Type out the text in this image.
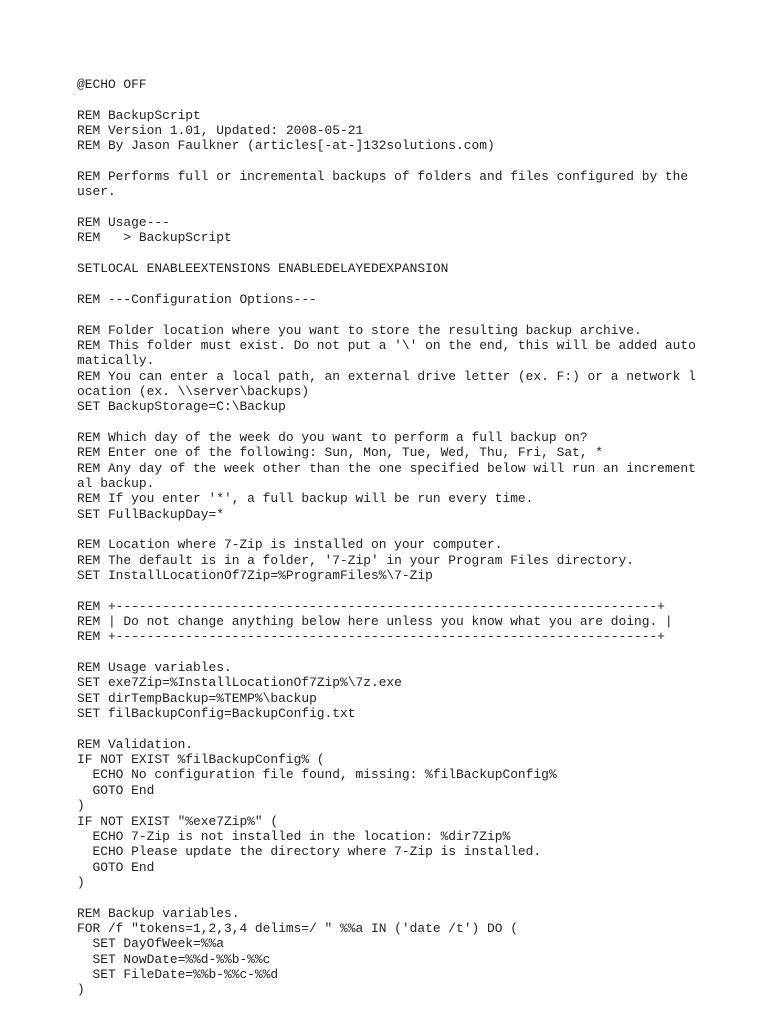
@ECHO OFF
REM BackupScript
REM Version 1.01, Updated: 2008-05-21
REM By Jason Faulkner (articles[-at-]132solutions.com)
REM Performs full or incremental backups of folders and files configured by the
user.
REM Usage---
REM   > BackupScript
SETLOCAL ENABLEEXTENSIONS ENABLEDELAYEDEXPANSION
REM ---Configuration Options---
REM Folder location where you want to store the resulting backup archive.
REM This folder must exist. Do not put a '\' on the end, this will be added auto
matically.
REM You can enter a local path, an external drive letter (ex. F:) or a network l
ocation (ex. \\server\backups)
SET BackupStorage=C:\Backup
REM Which day of the week do you want to perform a full backup on?
REM Enter one of the following: Sun, Mon, Tue, Wed, Thu, Fri, Sat, *
REM Any day of the week other than the one specified below will run an increment
al backup.
REM If you enter '*', a full backup will be run every time.
SET FullBackupDay=*
REM Location where 7-Zip is installed on your computer.
REM The default is in a folder, '7-Zip' in your Program Files directory.
SET InstallLocationOf7Zip=%ProgramFiles%\7-Zip
REM +----------------------------------------------------------------------+
REM | Do not change anything below here unless you know what you are doing. |
REM +----------------------------------------------------------------------+
REM Usage variables.
SET exe7Zip=%InstallLocationOf7Zip%\7z.exe
SET dirTempBackup=%TEMP%\backup
SET filBackupConfig=BackupConfig.txt
REM Validation.
IF NOT EXIST %filBackupConfig% (
ECHO No configuration file found, missing: %filBackupConfig%
GOTO End
)
IF NOT EXIST "%exe7Zip%" (
ECHO 7-Zip is not installed in the location: %dir7Zip%
ECHO Please update the directory where 7-Zip is installed.
GOTO End
)
REM Backup variables.
FOR /f "tokens=1,2,3,4 delims=/ " %%a IN ('date /t') DO (
SET DayOfWeek=%%a
SET NowDate=%%d-%%b-%%c
SET FileDate=%%b-%%c-%%d
)
